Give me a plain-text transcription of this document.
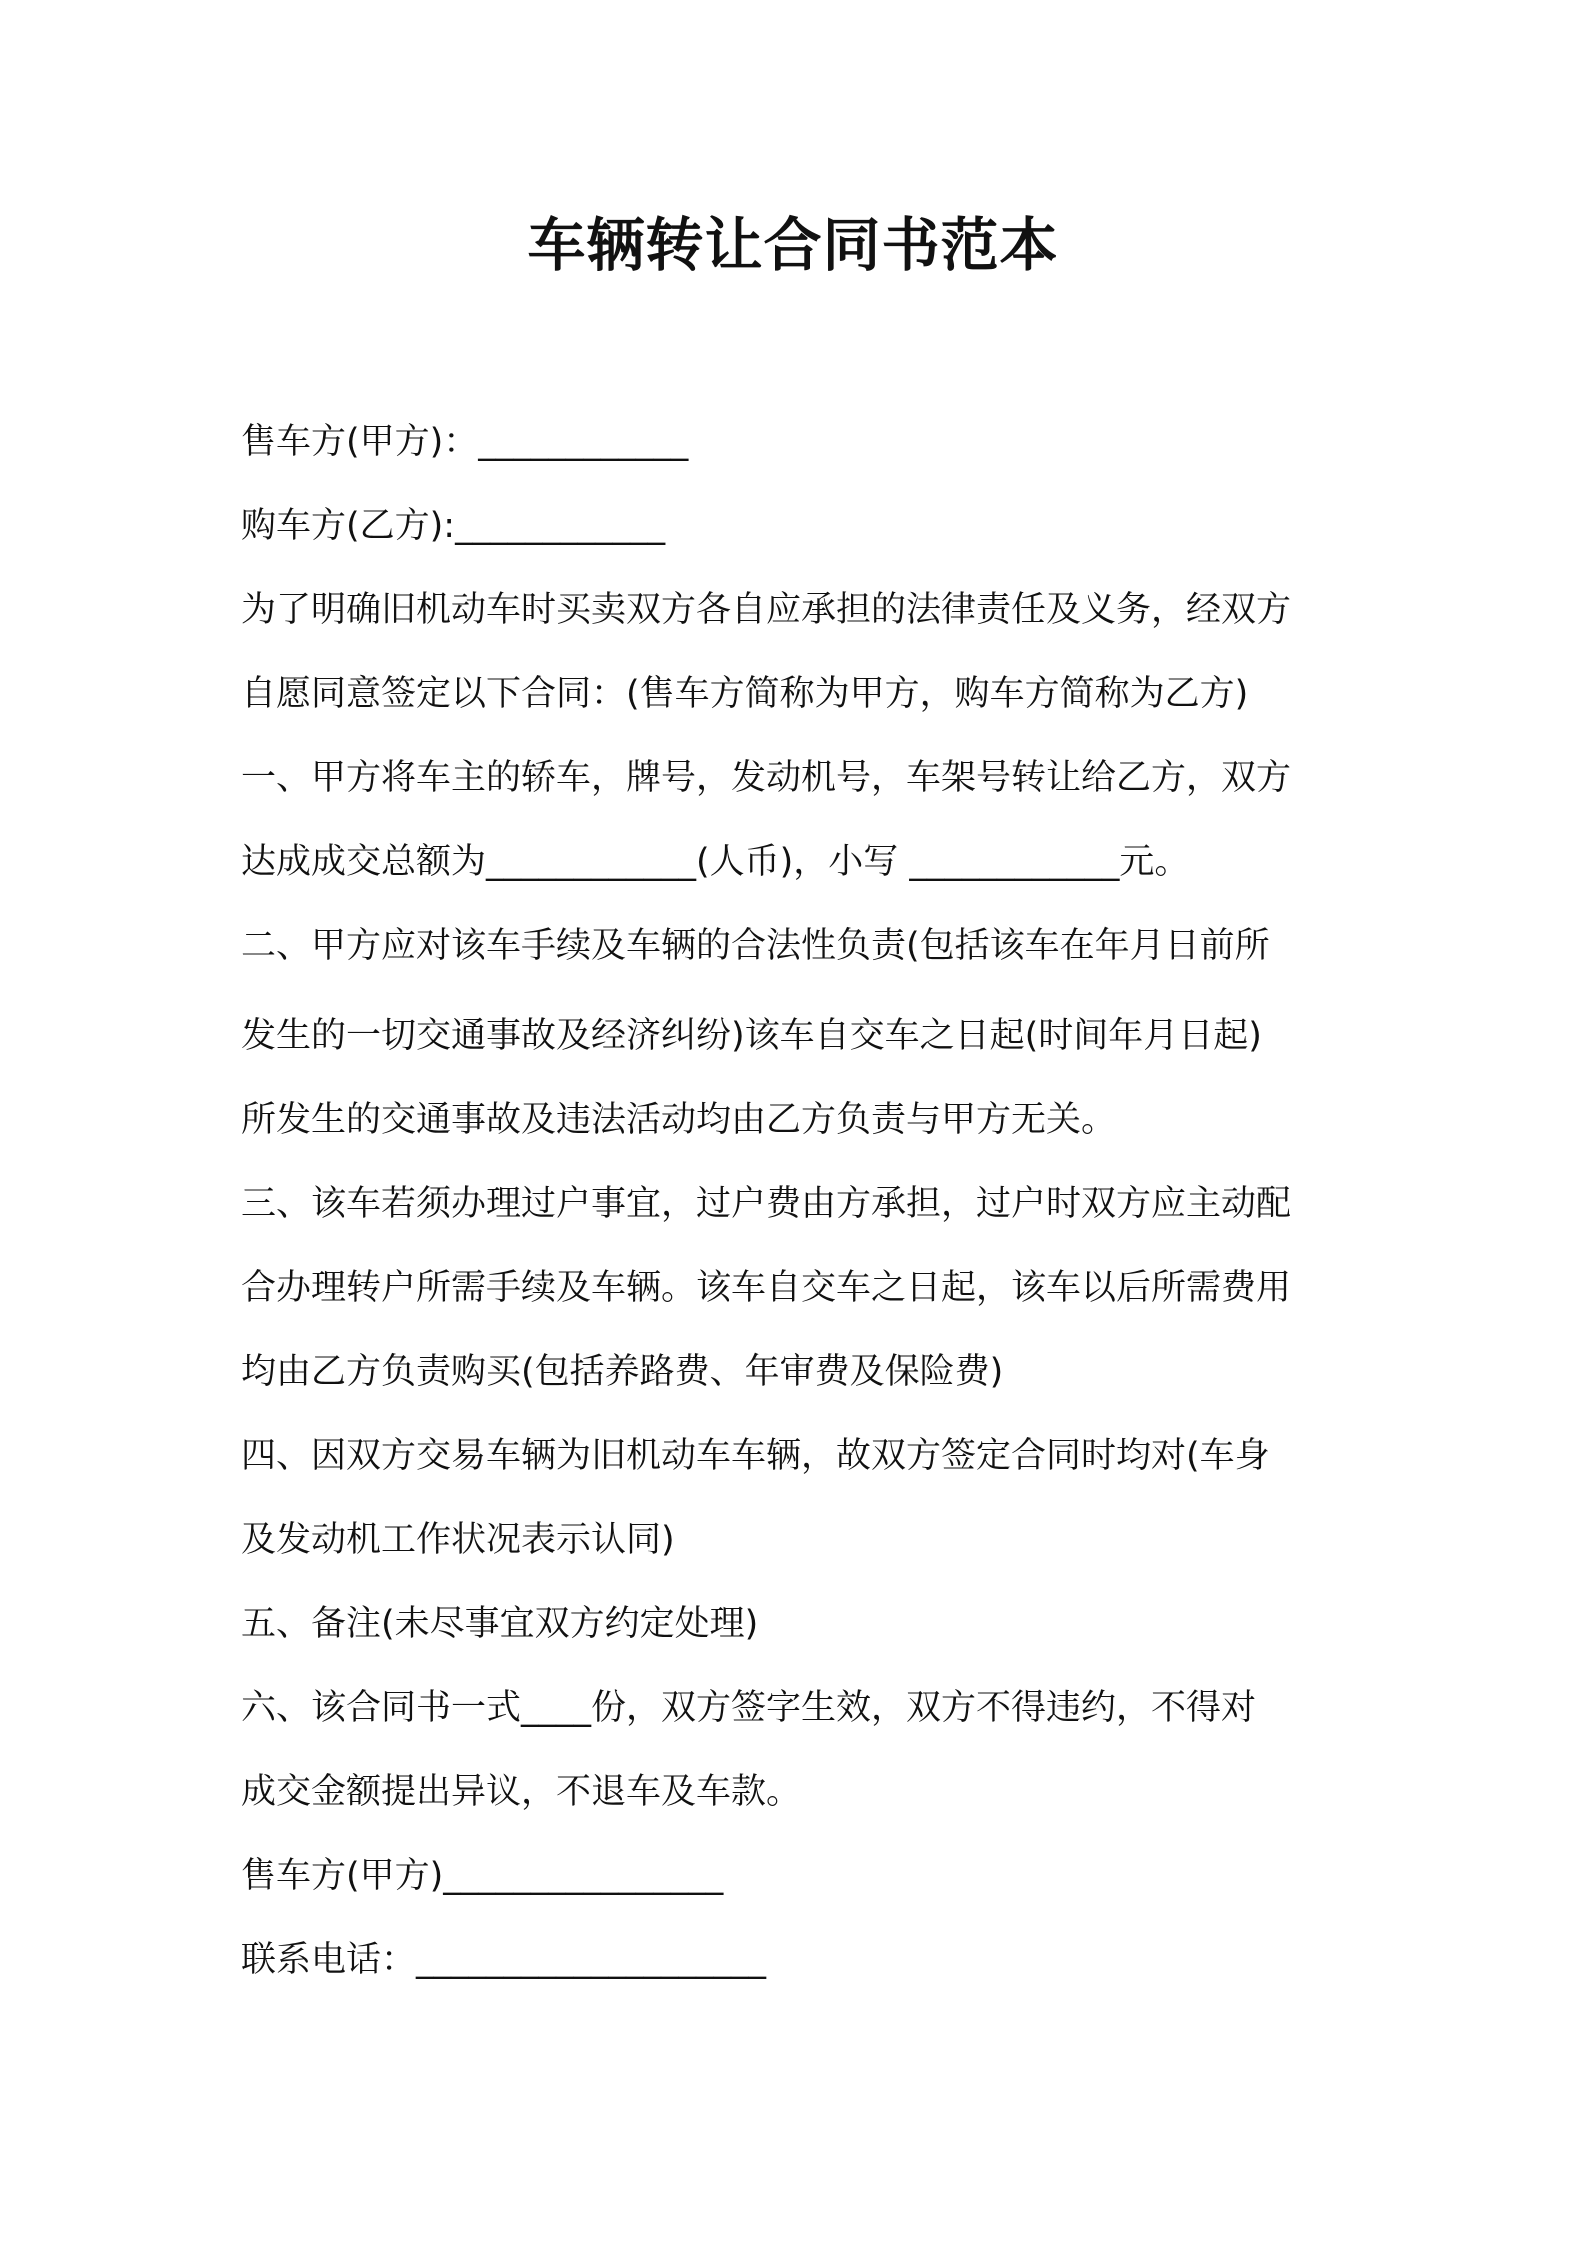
车辆转让合同书范本
售车方(甲方)：____________
购车方(乙方):____________
为了明确旧机动车时买卖双方各自应承担的法律责任及义务，经双方
自愿同意签定以下合同：(售车方简称为甲方，购车方简称为乙方)
一、甲方将车主的轿车，牌号，发动机号，车架号转让给乙方，双方
达成成交总额为____________(人币)，小写 ____________元。
二、甲方应对该车手续及车辆的合法性负责(包括该车在年月日前所
发生的一切交通事故及经济纠纷)该车自交车之日起(时间年月日起)
所发生的交通事故及违法活动均由乙方负责与甲方无关。
三、该车若须办理过户事宜，过户费由方承担，过户时双方应主动配
合办理转户所需手续及车辆。该车自交车之日起，该车以后所需费用
均由乙方负责购买(包括养路费、年审费及保险费)
四、因双方交易车辆为旧机动车车辆，故双方签定合同时均对(车身
及发动机工作状况表示认同)
五、备注(未尽事宜双方约定处理)
六、该合同书一式____份，双方签字生效，双方不得违约，不得对
成交金额提出异议，不退车及车款。
售车方(甲方)________________
联系电话：____________________
